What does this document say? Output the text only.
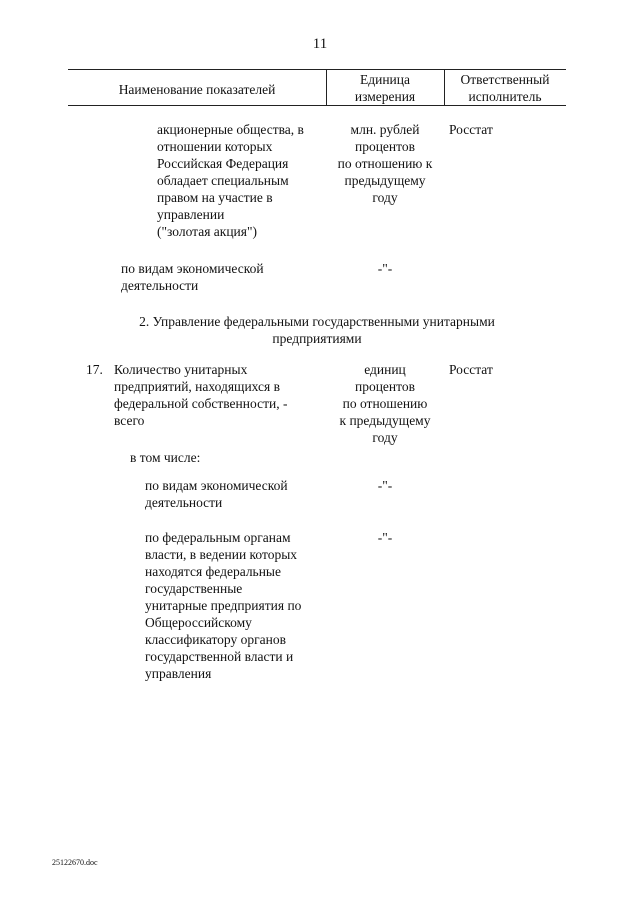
11
Наименование показателей
Единица
измерения
Ответственный
исполнитель
акционерные общества, в
отношении которых
Российская Федерация
обладает специальным
правом на участие в
управлении
("золотая акция")
млн. рублей
процентов
по отношению к
предыдущему
году
Росстат
по видам экономической
деятельности
-"-
2. Управление федеральными государственными унитарными
предприятиями
17. Количество унитарных
предприятий, находящихся в
федеральной собственности, -
всего
единиц
процентов
по отношению
к предыдущему
году
Росстат
в том числе:
по видам экономической
деятельности
-"-
по федеральным органам
власти, в ведении которых
находятся федеральные
государственные
унитарные предприятия по
Общероссийскому
классификатору органов
государственной власти и
управления
-"-
25122670.doc
